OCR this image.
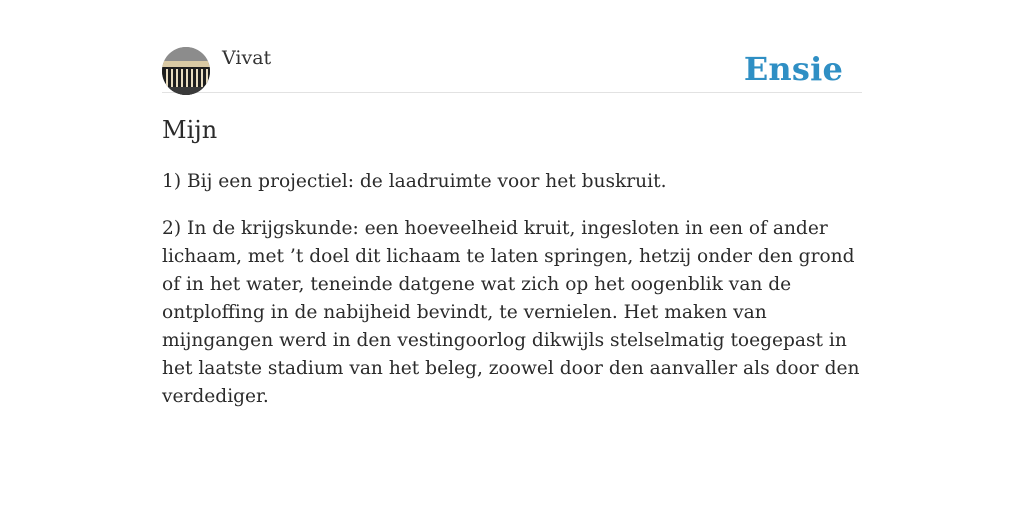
Vivat	Ensie
Mijn

1) Bij een projectiel: de laadruimte voor het buskruit.

2) In de krijgskunde: een hoeveelheid kruit, ingesloten in een of ander lichaam, met ’t doel dit lichaam te laten springen, hetzij onder den grond of in het water, teneinde datgene wat zich op het oogenblik van de ontploffing in de nabijheid bevindt, te vernielen. Het maken van mijngangen werd in den vestingoorlog dikwijls stelselmatig toegepast in het laatste stadium van het beleg, zoowel door den aanvaller als door den verdediger.
